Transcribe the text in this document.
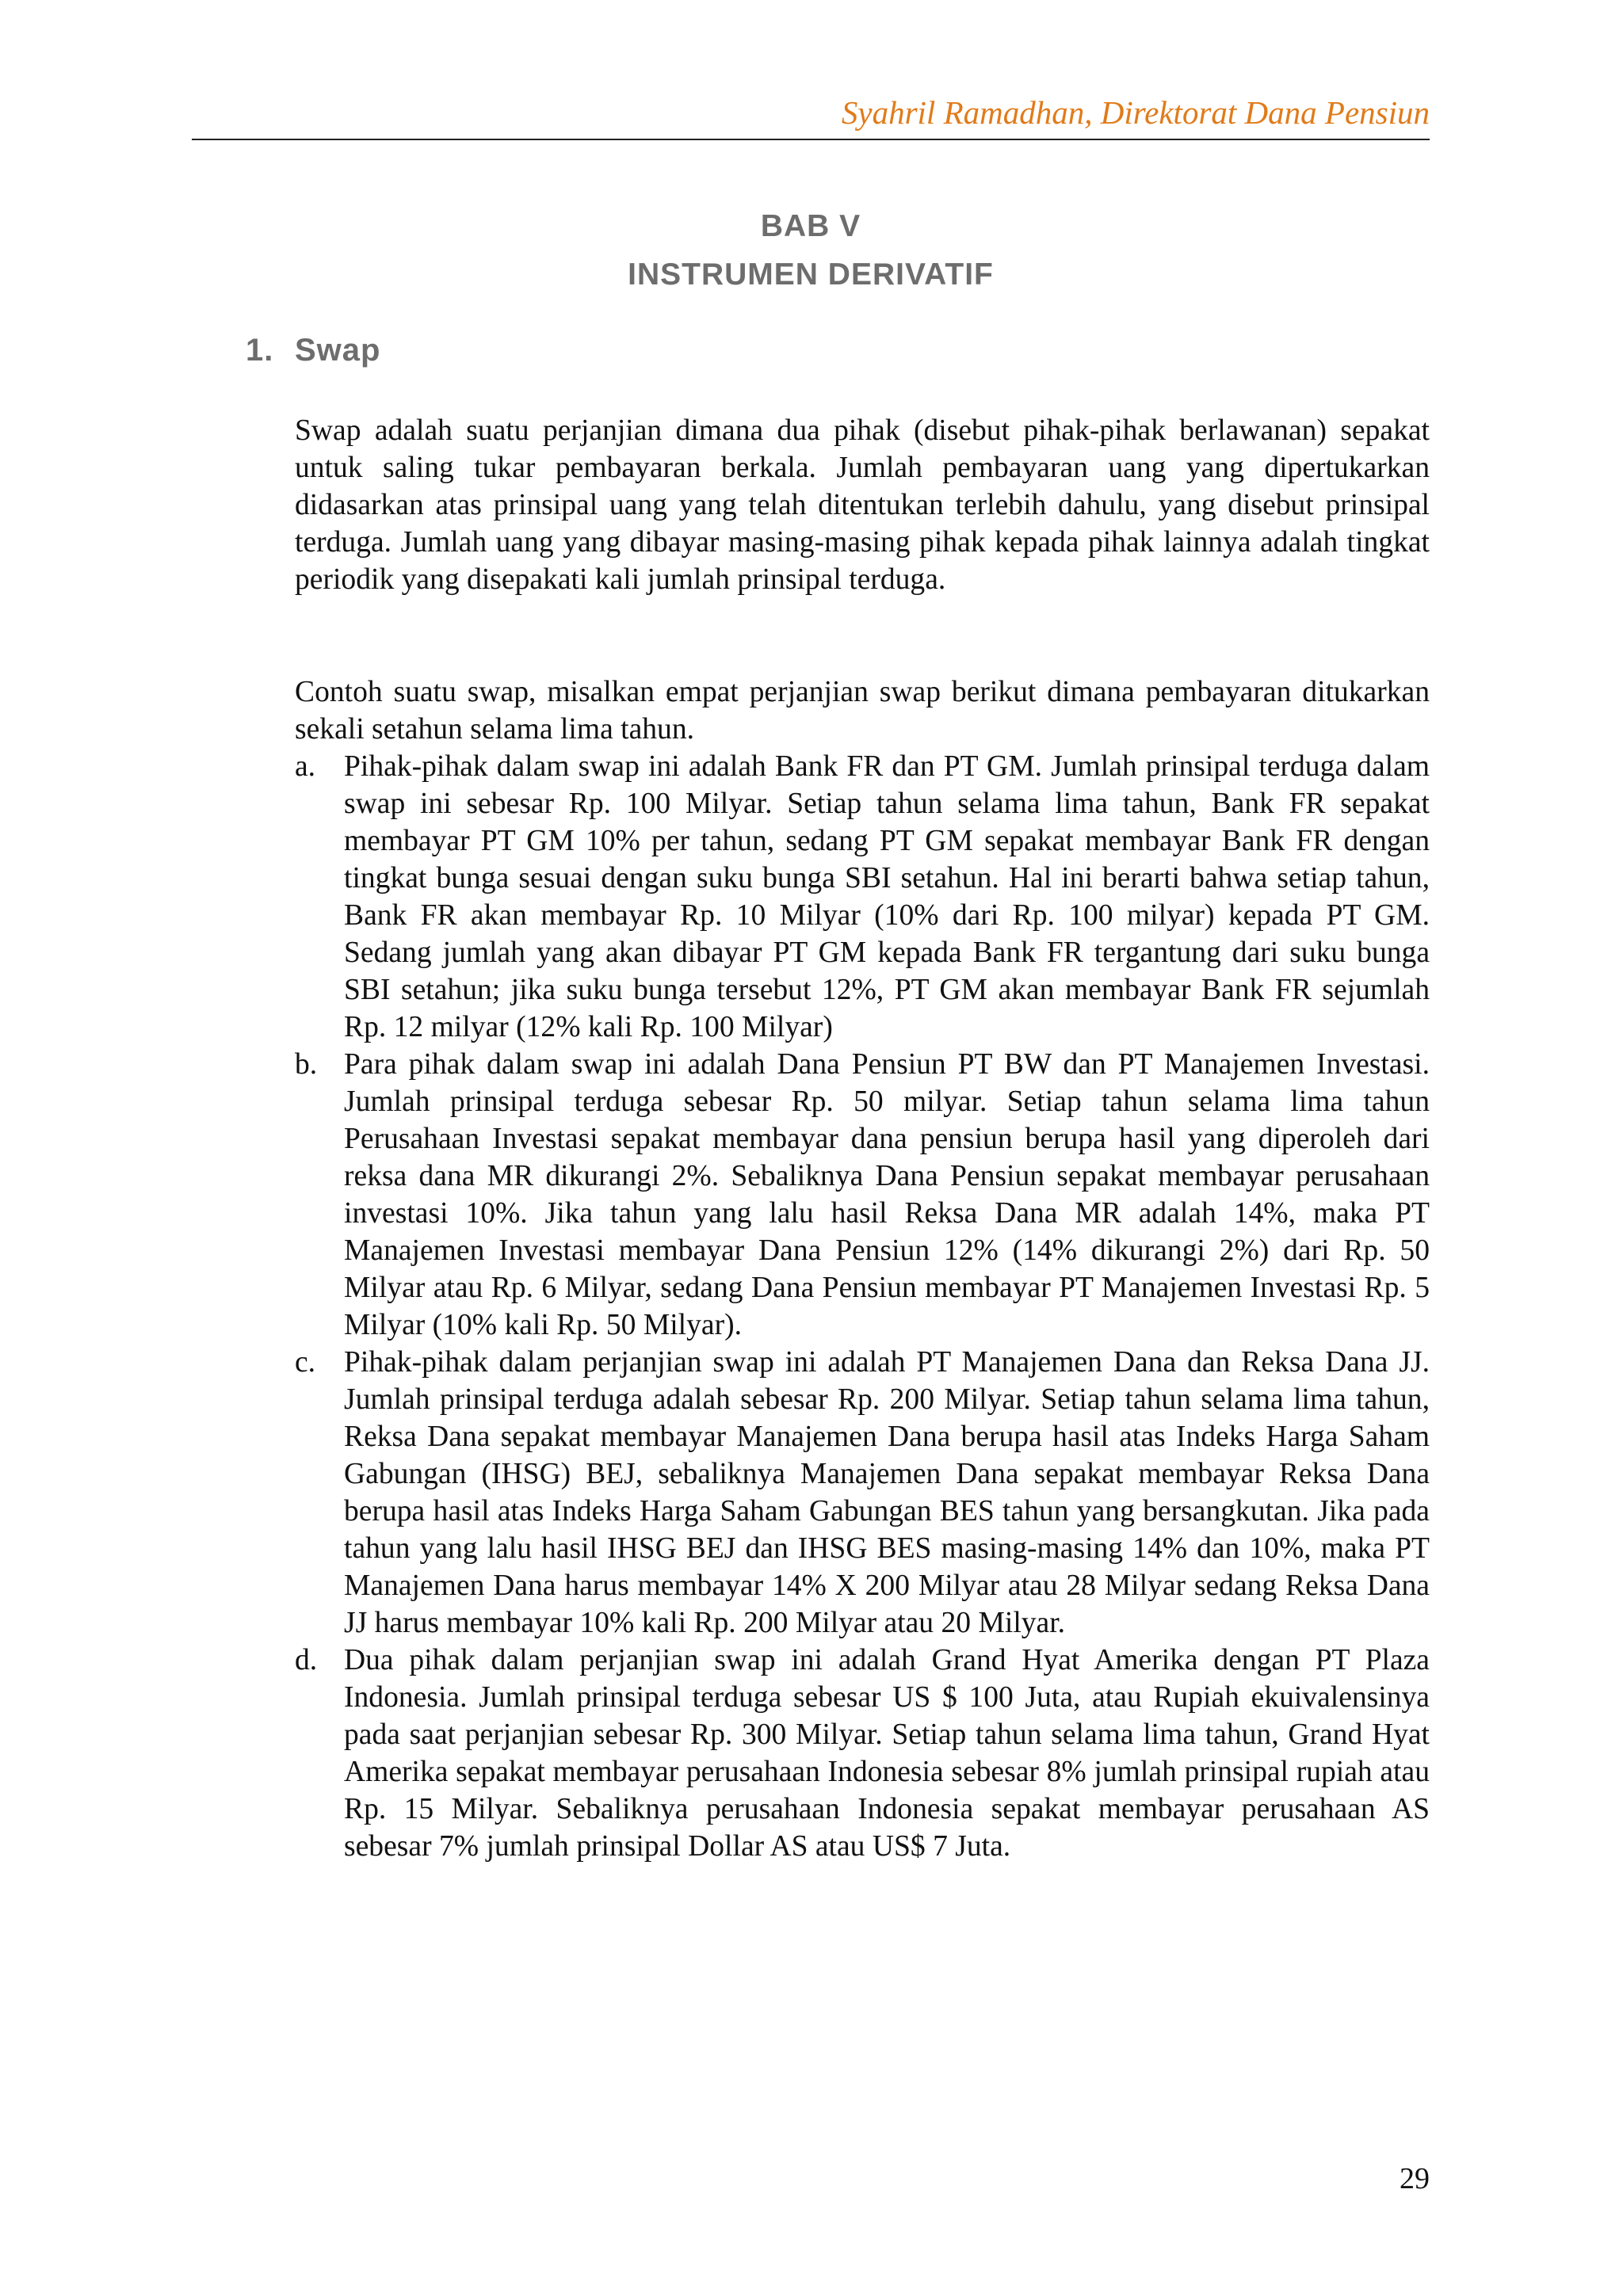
Syahril Ramadhan, Direktorat Dana Pensiun
BAB V
INSTRUMEN DERIVATIF
1. Swap

Swap adalah suatu perjanjian dimana dua pihak (disebut pihak-pihak berlawanan) sepakat untuk saling tukar pembayaran berkala. Jumlah pembayaran uang yang dipertukarkan didasarkan atas prinsipal uang yang telah ditentukan terlebih dahulu, yang disebut prinsipal terduga. Jumlah uang yang dibayar masing-masing pihak kepada pihak lainnya adalah tingkat periodik yang disepakati kali jumlah prinsipal terduga.

Contoh suatu swap, misalkan empat perjanjian swap berikut dimana pembayaran ditukarkan sekali setahun selama lima tahun.

a. Pihak-pihak dalam swap ini adalah Bank FR dan PT GM. Jumlah prinsipal terduga dalam swap ini sebesar Rp. 100 Milyar. Setiap tahun selama lima tahun, Bank FR sepakat membayar PT GM 10% per tahun, sedang PT GM sepakat membayar Bank FR dengan tingkat bunga sesuai dengan suku bunga SBI setahun. Hal ini berarti bahwa setiap tahun, Bank FR akan membayar Rp. 10 Milyar (10% dari Rp. 100 milyar) kepada PT GM. Sedang jumlah yang akan dibayar PT GM kepada Bank FR tergantung dari suku bunga SBI setahun; jika suku bunga tersebut 12%, PT GM akan membayar Bank FR sejumlah Rp. 12 milyar (12% kali Rp. 100 Milyar)
b. Para pihak dalam swap ini adalah Dana Pensiun PT BW dan PT Manajemen Investasi. Jumlah prinsipal terduga sebesar Rp. 50 milyar. Setiap tahun selama lima tahun Perusahaan Investasi sepakat membayar dana pensiun berupa hasil yang diperoleh dari reksa dana MR dikurangi 2%. Sebaliknya Dana Pensiun sepakat membayar perusahaan investasi 10%. Jika tahun yang lalu hasil Reksa Dana MR adalah 14%, maka PT Manajemen Investasi membayar Dana Pensiun 12% (14% dikurangi 2%) dari Rp. 50 Milyar atau Rp. 6 Milyar, sedang Dana Pensiun membayar PT Manajemen Investasi Rp. 5 Milyar (10% kali Rp. 50 Milyar).
c. Pihak-pihak dalam perjanjian swap ini adalah PT Manajemen Dana dan Reksa Dana JJ. Jumlah prinsipal terduga adalah sebesar Rp. 200 Milyar. Setiap tahun selama lima tahun, Reksa Dana sepakat membayar Manajemen Dana berupa hasil atas Indeks Harga Saham Gabungan (IHSG) BEJ, sebaliknya Manajemen Dana sepakat membayar Reksa Dana berupa hasil atas Indeks Harga Saham Gabungan BES tahun yang bersangkutan. Jika pada tahun yang lalu hasil IHSG BEJ dan IHSG BES masing-masing 14% dan 10%, maka PT Manajemen Dana harus membayar 14% X 200 Milyar atau 28 Milyar sedang Reksa Dana JJ harus membayar 10% kali Rp. 200 Milyar atau 20 Milyar.
d. Dua pihak dalam perjanjian swap ini adalah Grand Hyat Amerika dengan PT Plaza Indonesia. Jumlah prinsipal terduga sebesar US $ 100 Juta, atau Rupiah ekuivalensinya pada saat perjanjian sebesar Rp. 300 Milyar. Setiap tahun selama lima tahun, Grand Hyat Amerika sepakat membayar perusahaan Indonesia sebesar 8% jumlah prinsipal rupiah atau Rp. 15 Milyar. Sebaliknya perusahaan Indonesia sepakat membayar perusahaan AS sebesar 7% jumlah prinsipal Dollar AS atau US$ 7 Juta.
29
